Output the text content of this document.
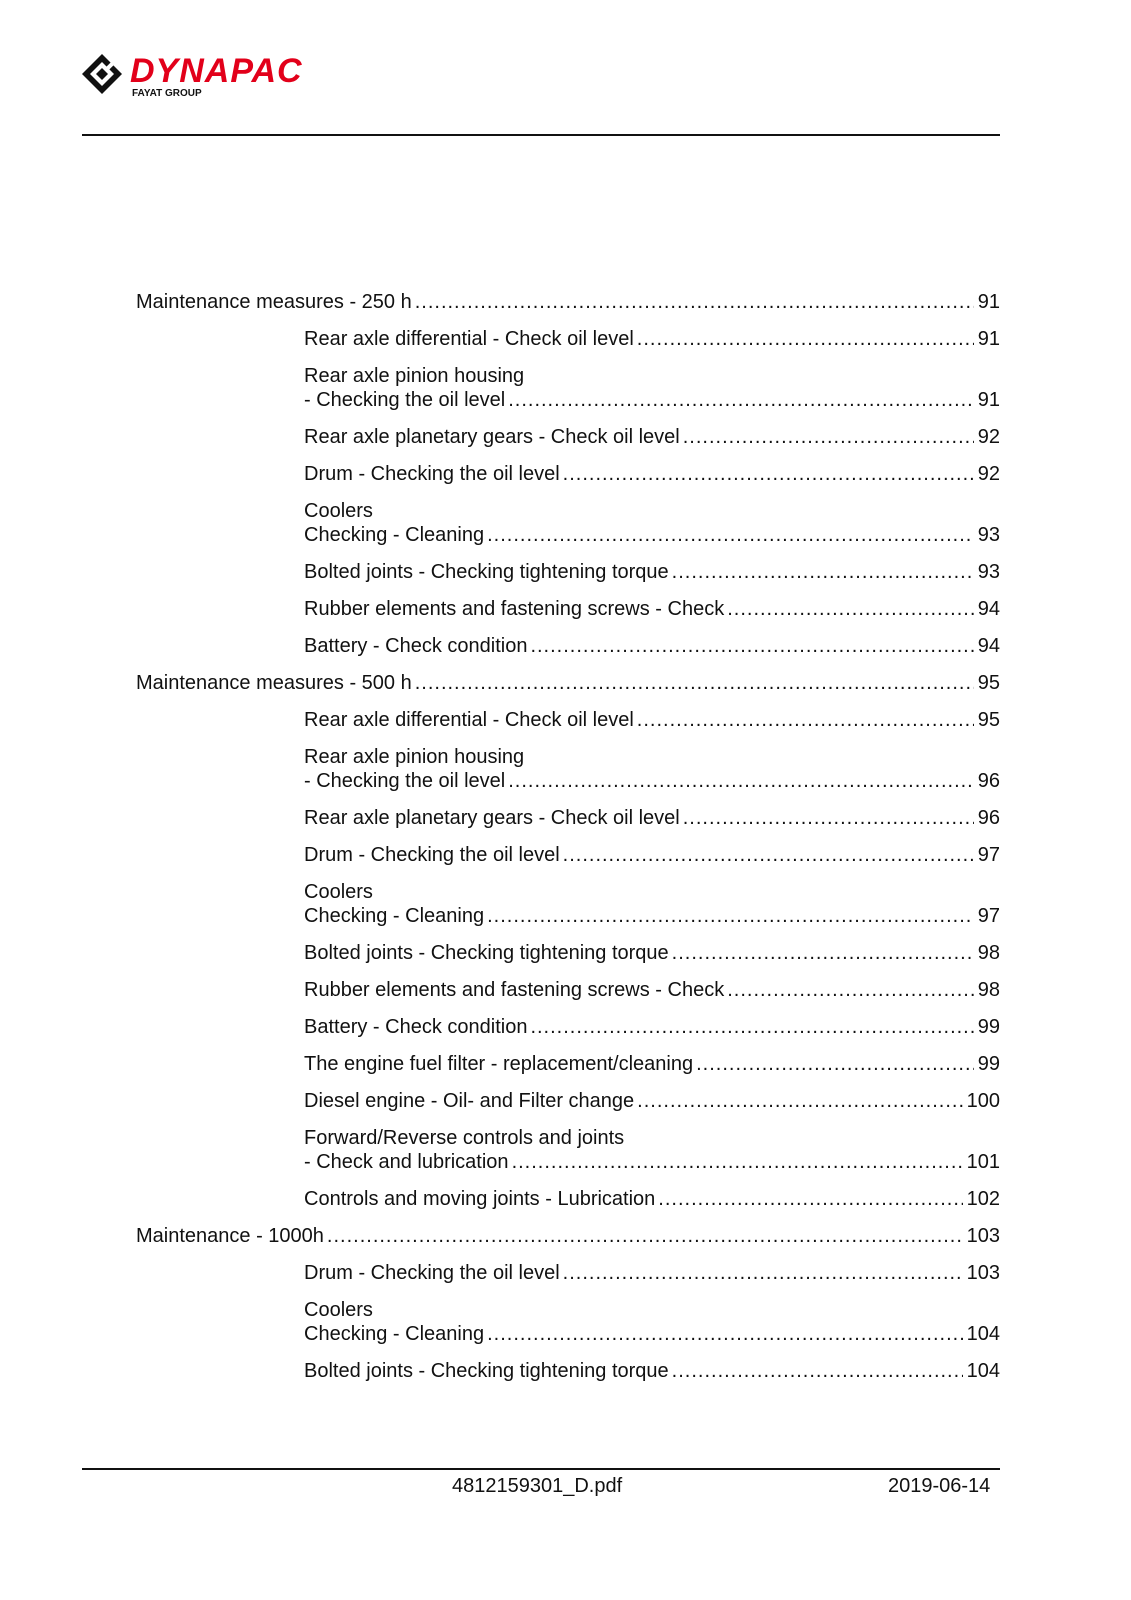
DYNAPAC
FAYAT GROUP
Maintenance measures - 250 h .....	91
Rear axle differential - Check oil level .....	91
Rear axle pinion housing
- Checking the oil level .....	91
Rear axle planetary gears - Check oil level .....	92
Drum - Checking the oil level .....	92
Coolers
Checking - Cleaning .....	93
Bolted joints - Checking tightening torque .....	93
Rubber elements and fastening screws - Check .....	94
Battery - Check condition .....	94
Maintenance measures - 500 h .....	95
Rear axle differential - Check oil level .....	95
Rear axle pinion housing
- Checking the oil level .....	96
Rear axle planetary gears - Check oil level .....	96
Drum - Checking the oil level .....	97
Coolers
Checking - Cleaning .....	97
Bolted joints - Checking tightening torque .....	98
Rubber elements and fastening screws - Check .....	98
Battery - Check condition .....	99
The engine fuel filter - replacement/cleaning .....	99
Diesel engine - Oil- and Filter change .....	100
Forward/Reverse controls and joints
- Check and lubrication .....	101
Controls and moving joints - Lubrication .....	102
Maintenance - 1000h .....	103
Drum - Checking the oil level .....	103
Coolers
Checking - Cleaning .....	104
Bolted joints - Checking tightening torque .....	104
4812159301_D.pdf	2019-06-14
